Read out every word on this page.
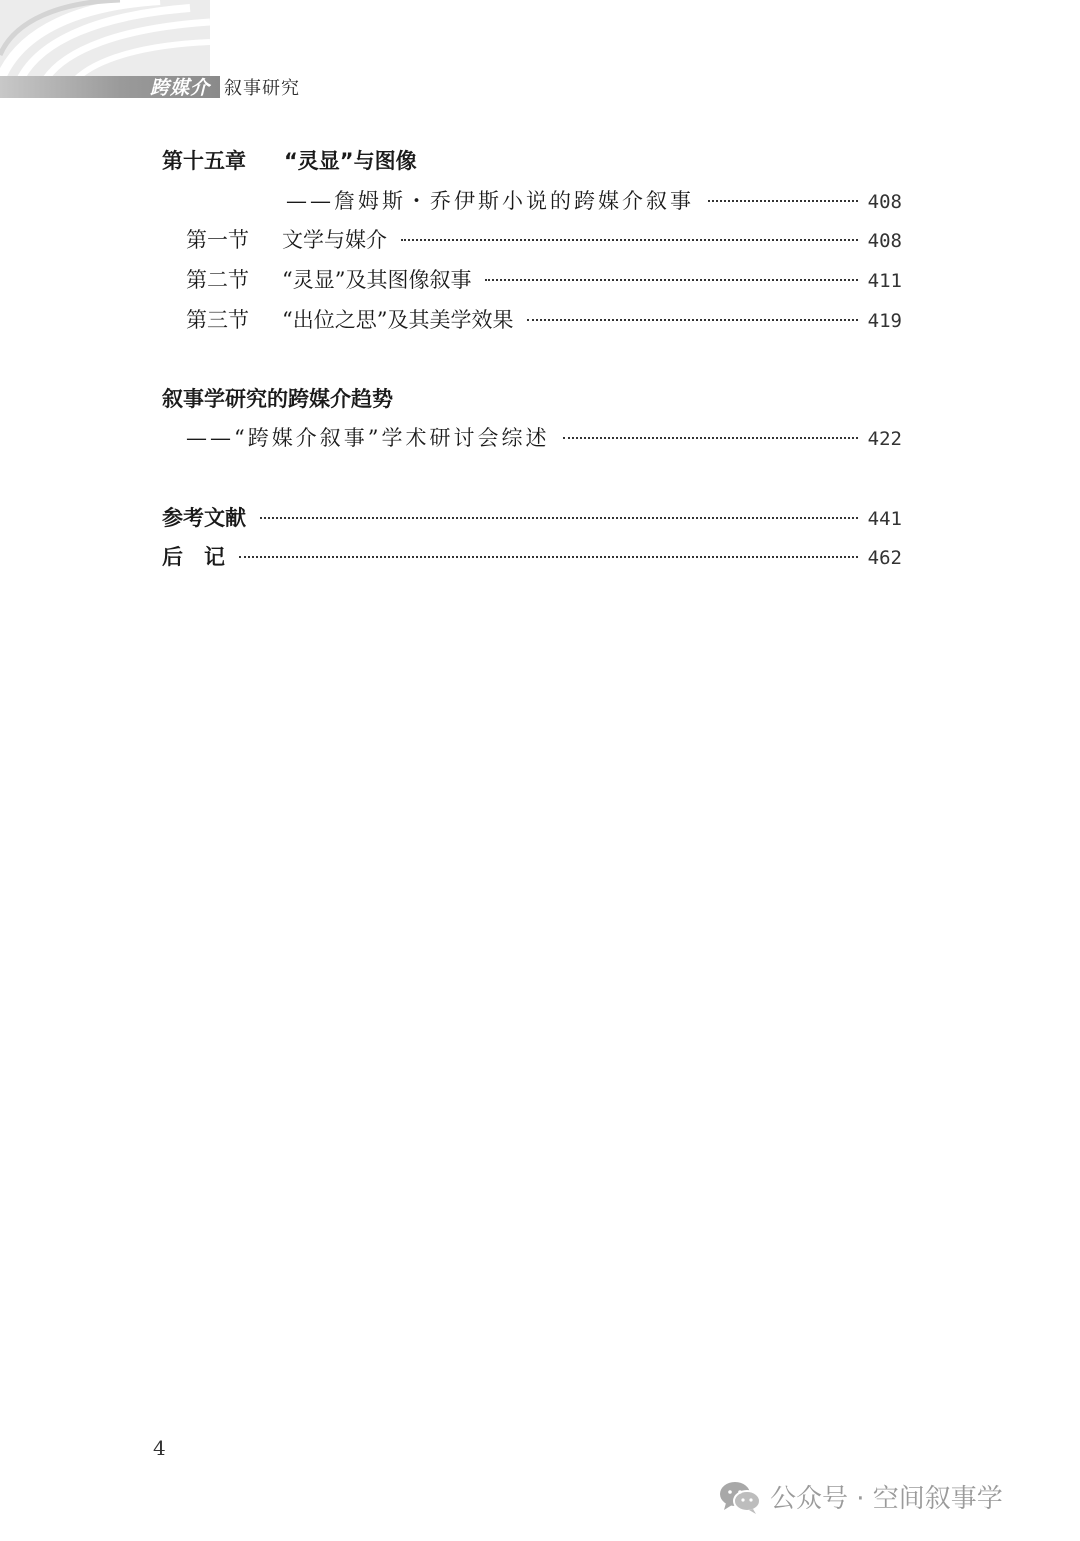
跨媒介 叙事研究
第十五章 “灵显”与图像
——詹姆斯・乔伊斯小说的跨媒介叙事	408
第一节 文学与媒介	408
第二节 “灵显”及其图像叙事	411
第三节 “出位之思”及其美学效果	419
叙事学研究的跨媒介趋势
——“跨媒介叙事”学术研讨会综述	422
参考文献	441
后　记	462
4
公众号 · 空间叙事学
